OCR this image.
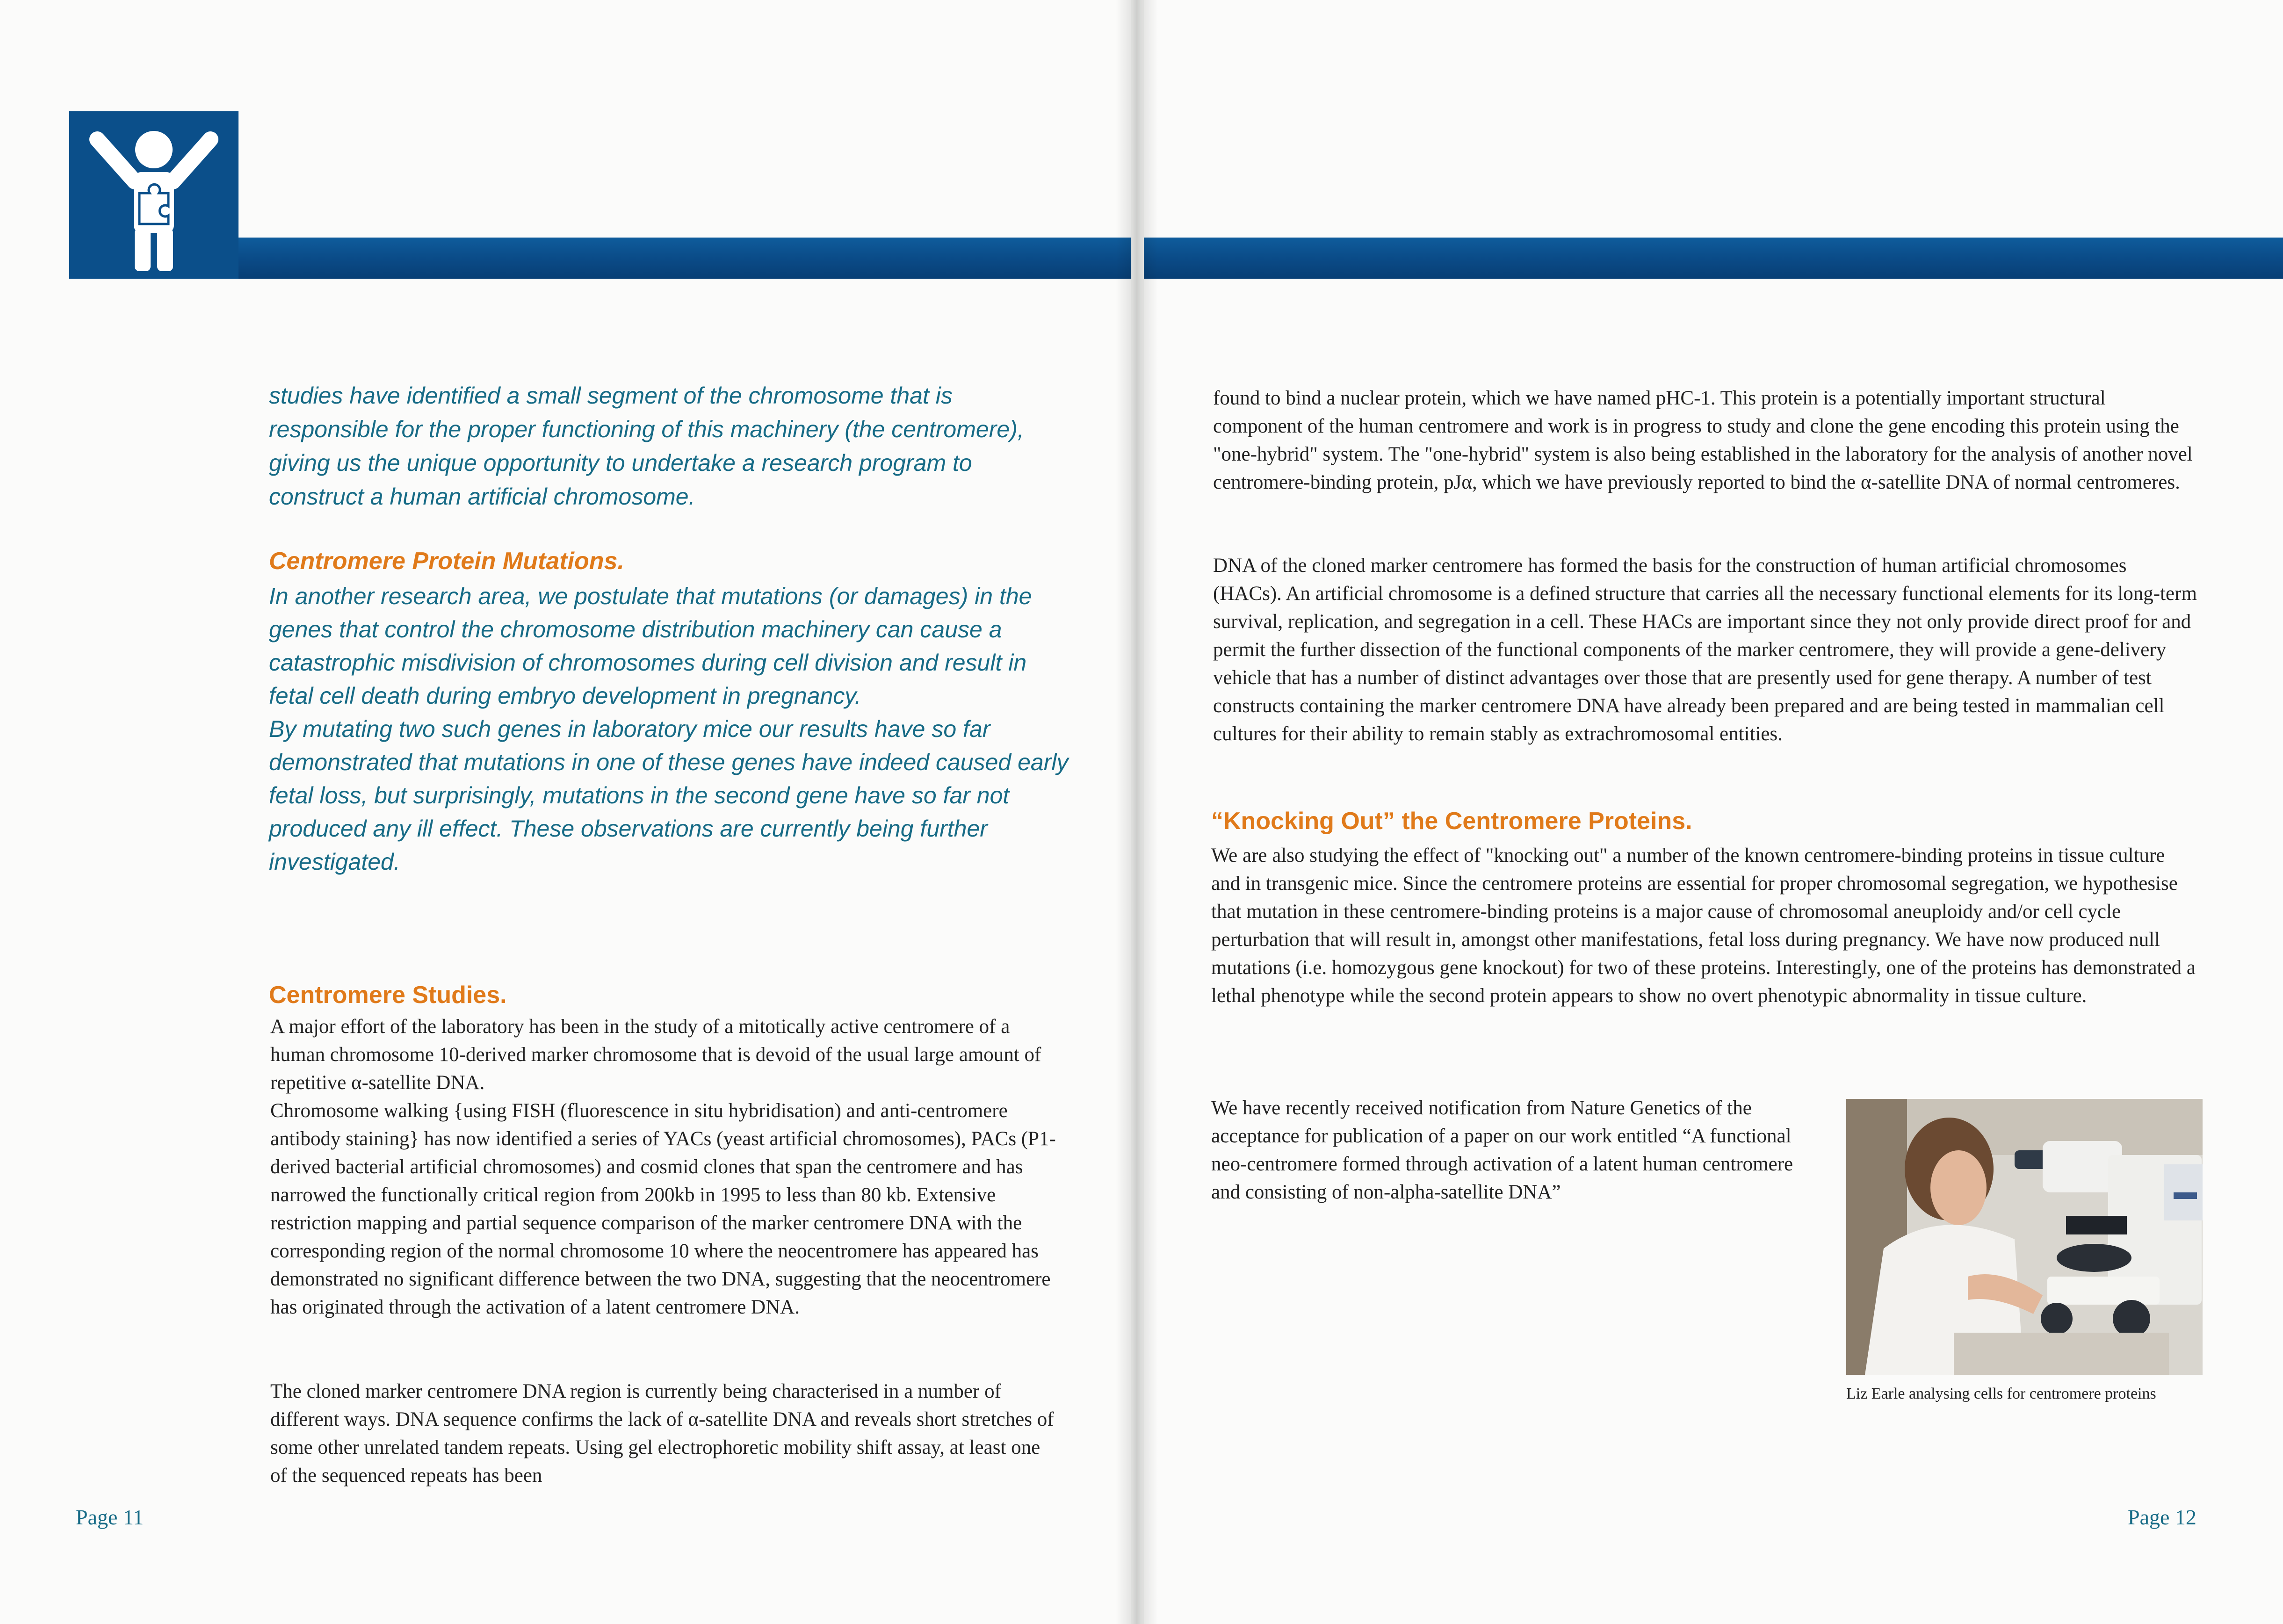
studies have identified a small segment of the chromosome that is responsible for the proper functioning of this machinery (the centromere), giving us the unique opportunity to undertake a research program to construct a human artificial chromosome.

Centromere Protein Mutations.

In another research area, we postulate that mutations (or damages) in the genes that control the chromosome distribution machinery can cause a catastrophic misdivision of chromosomes during cell division and result in fetal cell death during embryo development in pregnancy.

By mutating two such genes in laboratory mice our results have so far demonstrated that mutations in one of these genes have indeed caused early fetal loss, but surprisingly, mutations in the second gene have so far not produced any ill effect. These observations are currently being further investigated.

Centromere Studies.

A major effort of the laboratory has been in the study of a mitotically active centromere of a human chromosome 10-derived marker chromosome that is devoid of the usual large amount of repetitive α-satellite DNA.

Chromosome walking {using FISH (fluorescence in situ hybridisation) and anti-centromere antibody staining} has now identified a series of YACs (yeast artificial chromosomes), PACs (P1-derived bacterial artificial chromosomes) and cosmid clones that span the centromere and has narrowed the functionally critical region from 200kb in 1995 to less than 80 kb. Extensive restriction mapping and partial sequence comparison of the marker centromere DNA with the corresponding region of the normal chromosome 10 where the neocentromere has appeared has demonstrated no significant difference between the two DNA, suggesting that the neocentromere has originated through the activation of a latent centromere DNA.

The cloned marker centromere DNA region is currently being characterised in a number of different ways. DNA sequence confirms the lack of α-satellite DNA and reveals short stretches of some other unrelated tandem repeats. Using gel electrophoretic mobility shift assay, at least one of the sequenced repeats has been

Page 11

found to bind a nuclear protein, which we have named pHC-1. This protein is a potentially important structural component of the human centromere and work is in progress to study and clone the gene encoding this protein using the "one-hybrid" system. The "one-hybrid" system is also being established in the laboratory for the analysis of another novel centromere-binding protein, pJα, which we have previously reported to bind the α-satellite DNA of normal centromeres.

DNA of the cloned marker centromere has formed the basis for the construction of human artificial chromosomes (HACs). An artificial chromosome is a defined structure that carries all the necessary functional elements for its long-term survival, replication, and segregation in a cell. These HACs are important since they not only provide direct proof for and permit the further dissection of the functional components of the marker centromere, they will provide a gene-delivery vehicle that has a number of distinct advantages over those that are presently used for gene therapy. A number of test constructs containing the marker centromere DNA have already been prepared and are being tested in mammalian cell cultures for their ability to remain stably as extrachromosomal entities.

“Knocking Out” the Centromere Proteins.

We are also studying the effect of "knocking out" a number of the known centromere-binding proteins in tissue culture and in transgenic mice. Since the centromere proteins are essential for proper chromosomal segregation, we hypothesise that mutation in these centromere-binding proteins is a major cause of chromosomal aneuploidy and/or cell cycle perturbation that will result in, amongst other manifestations, fetal loss during pregnancy. We have now produced null mutations (i.e. homozygous gene knockout) for two of these proteins. Interestingly, one of the proteins has demonstrated a lethal phenotype while the second protein appears to show no overt phenotypic abnormality in tissue culture.

We have recently received notification from Nature Genetics of the acceptance for publication of a paper on our work entitled “A functional neo-centromere formed through activation of a latent human centromere and consisting of non-alpha-satellite DNA”

Liz Earle analysing cells for centromere proteins

Page 12
